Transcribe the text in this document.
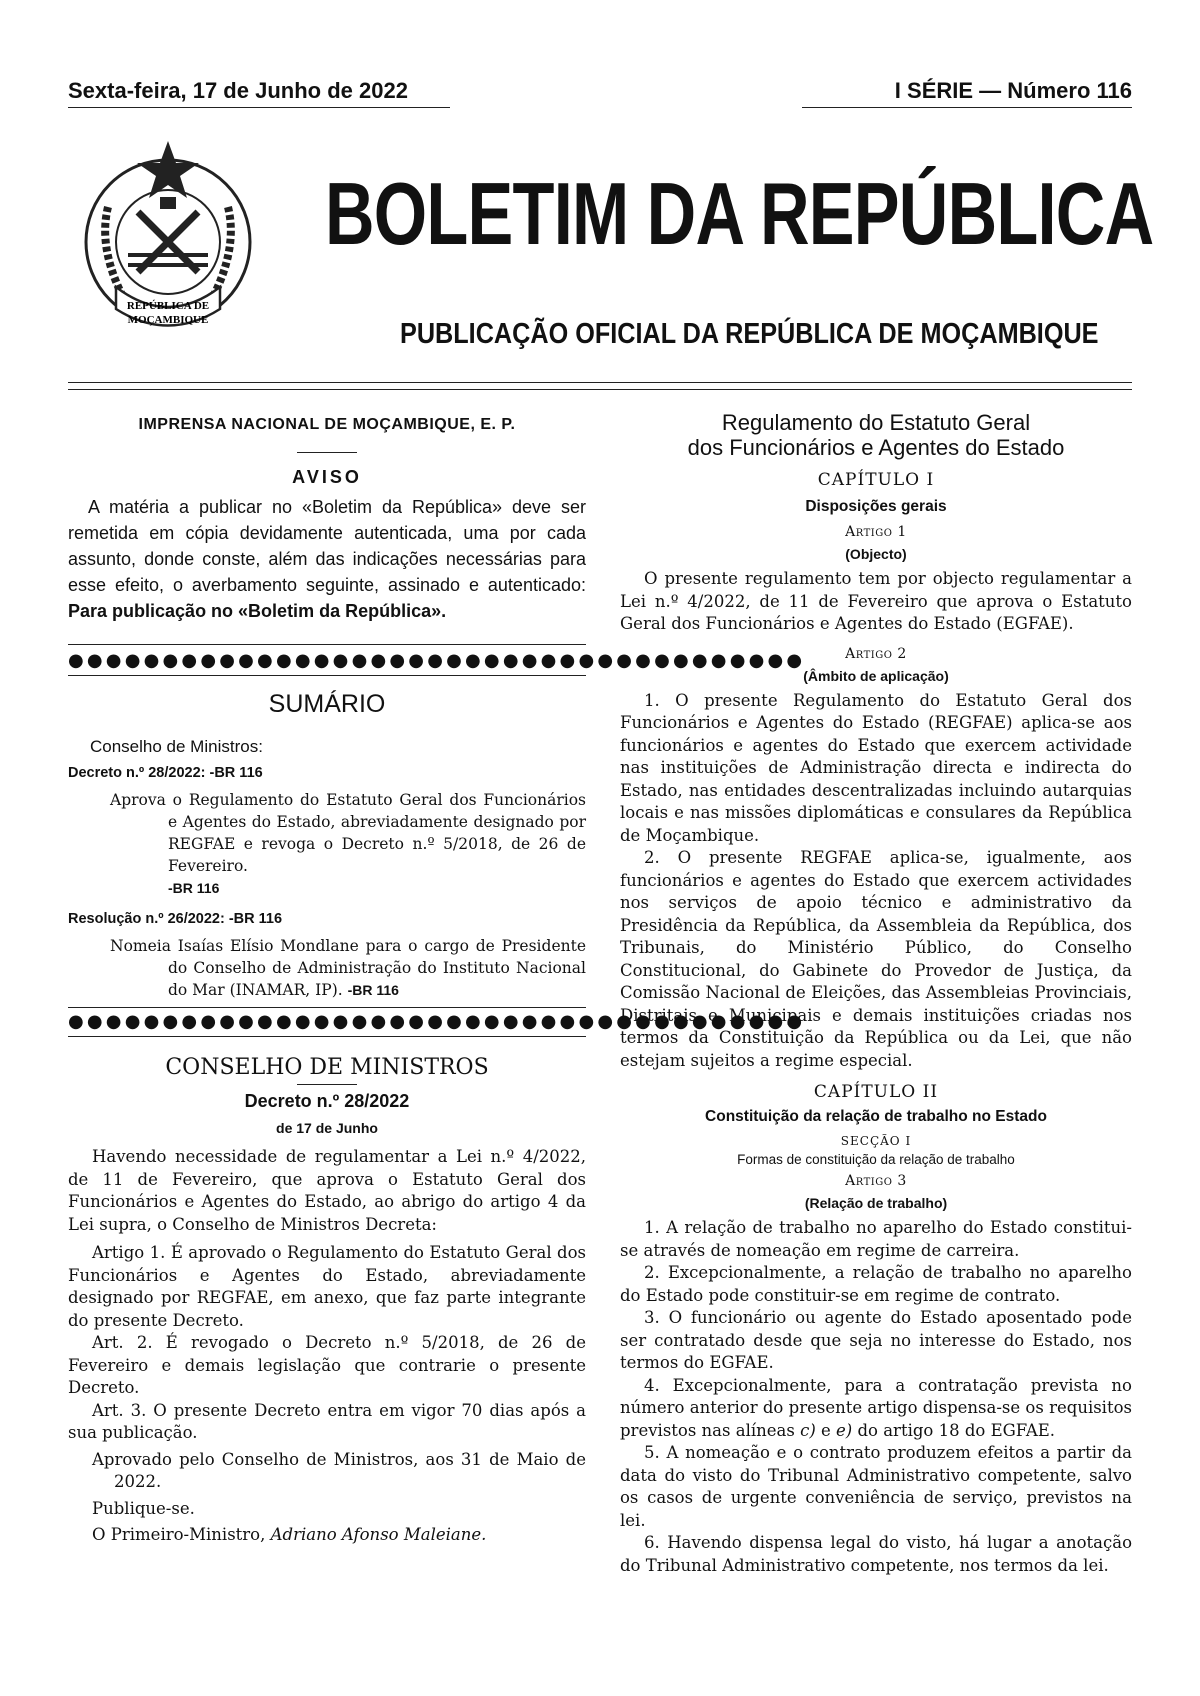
Sexta-feira, 17 de Junho de 2022	I SÉRIE — Número 116
REPÚBLICA DE
MOÇAMBIQUE
BOLETIM DA REPÚBLICA
PUBLICAÇÃO OFICIAL DA REPÚBLICA DE MOÇAMBIQUE
IMPRENSA NACIONAL DE MOÇAMBIQUE, E. P.
AVISO

A matéria a publicar no «Boletim da República» deve ser remetida em cópia devidamente autenticada, uma por cada assunto, donde conste, além das indicações necessárias para esse efeito, o averbamento seguinte, assinado e autenticado: Para publicação no «Boletim da República».

●●●●●●●●●●●●●●●●●●●●●●●●●●●●●●●●●●●●●●●
SUMÁRIO
Conselho de Ministros:
Decreto n.º 28/2022: -BR 116

Aprova o Regulamento do Estatuto Geral dos Funcionários e Agentes do Estado, abreviadamente designado por REGFAE e revoga o Decreto n.º 5/2018, de 26 de Fevereiro.
-BR 116

Resolução n.º 26/2022: -BR 116

Nomeia Isaías Elísio Mondlane para o cargo de Presidente do Conselho de Administração do Instituto Nacional do Mar (INAMAR, IP). -BR 116

●●●●●●●●●●●●●●●●●●●●●●●●●●●●●●●●●●●●●●●
CONSELHO DE MINISTROS
Decreto n.º 28/2022
de 17 de Junho

Havendo necessidade de regulamentar a Lei n.º 4/2022, de 11 de Fevereiro, que aprova o Estatuto Geral dos Funcionários e Agentes do Estado, ao abrigo do artigo 4 da Lei supra, o Conselho de Ministros Decreta:

Artigo 1. É aprovado o Regulamento do Estatuto Geral dos Funcionários e Agentes do Estado, abreviadamente designado por REGFAE, em anexo, que faz parte integrante do presente Decreto.

Art. 2. É revogado o Decreto n.º 5/2018, de 26 de Fevereiro e demais legislação que contrarie o presente Decreto.

Art. 3. O presente Decreto entra em vigor 70 dias após a sua publicação.

Aprovado pelo Conselho de Ministros, aos 31 de Maio de 2022.

Publique-se.

O Primeiro-Ministro, Adriano Afonso Maleiane.

Regulamento do Estatuto Geral
dos Funcionários e Agentes do Estado
CAPÍTULO I
Disposições gerais
Artigo 1
(Objecto)

O presente regulamento tem por objecto regulamentar a Lei n.º 4/2022, de 11 de Fevereiro que aprova o Estatuto Geral dos Funcionários e Agentes do Estado (EGFAE).

Artigo 2
(Âmbito de aplicação)

1. O presente Regulamento do Estatuto Geral dos Funcionários e Agentes do Estado (REGFAE) aplica-se aos funcionários e agentes do Estado que exercem actividade nas instituições de Administração directa e indirecta do Estado, nas entidades descentralizadas incluindo autarquias locais e nas missões diplomáticas e consulares da República de Moçambique.

2. O presente REGFAE aplica-se, igualmente, aos funcionários e agentes do Estado que exercem actividades nos serviços de apoio técnico e administrativo da Presidência da República, da Assembleia da República, dos Tribunais, do Ministério Público, do Conselho Constitucional, do Gabinete do Provedor de Justiça, da Comissão Nacional de Eleições, das Assembleias Provinciais, Distritais e Municipais e demais instituições criadas nos termos da Constituição da República ou da Lei, que não estejam sujeitos a regime especial.

CAPÍTULO II
Constituição da relação de trabalho no Estado
SECÇÃO I
Formas de constituição da relação de trabalho
Artigo 3
(Relação de trabalho)

1. A relação de trabalho no aparelho do Estado constitui-se através de nomeação em regime de carreira.

2. Excepcionalmente, a relação de trabalho no aparelho do Estado pode constituir-se em regime de contrato.

3. O funcionário ou agente do Estado aposentado pode ser contratado desde que seja no interesse do Estado, nos termos do EGFAE.

4. Excepcionalmente, para a contratação prevista no número anterior do presente artigo dispensa-se os requisitos previstos nas alíneas c) e e) do artigo 18 do EGFAE.

5. A nomeação e o contrato produzem efeitos a partir da data do visto do Tribunal Administrativo competente, salvo os casos de urgente conveniência de serviço, previstos na lei.

6. Havendo dispensa legal do visto, há lugar a anotação do Tribunal Administrativo competente, nos termos da lei.
